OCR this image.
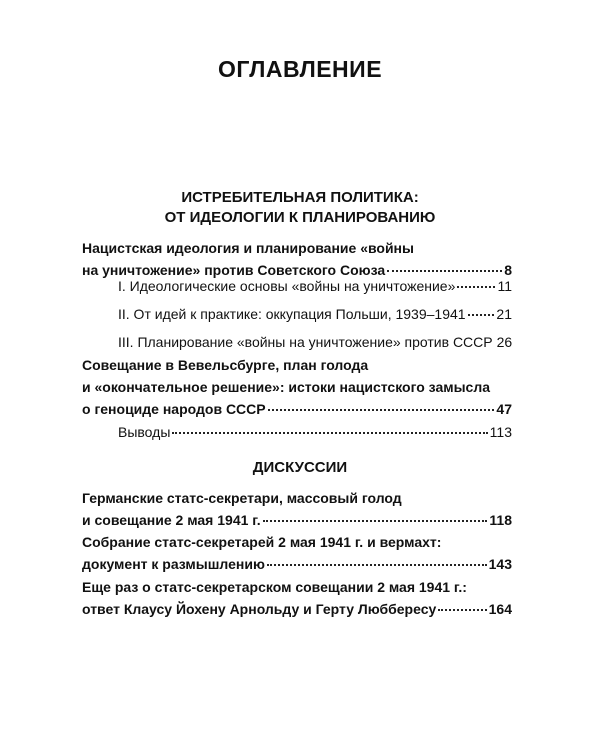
ОГЛАВЛЕНИЕ
ИСТРЕБИТЕЛЬНАЯ ПОЛИТИКА:
ОТ ИДЕОЛОГИИ К ПЛАНИРОВАНИЮ
Нацистская идеология и планирование «войны
на уничтожение» против Советского Союза	8
I. Идеологические основы «войны на уничтожение»	11
II. От идей к практике: оккупация Польши, 1939–1941 21
III. Планирование «войны на уничтожение» против СССР 26
Совещание в Вевельсбурге, план голода
и «окончательное решение»: истоки нацистского замысла
о геноциде народов СССР	47
Выводы	113
ДИСКУССИИ
Германские статс-секретари, массовый голод
и совещание 2 мая 1941 г.	118
Собрание статс-секретарей 2 мая 1941 г. и вермахт:
документ к размышлению	143
Еще раз о статс-секретарском совещании 2 мая 1941 г.:
ответ Клаусу Йохену Арнольду и Герту Люббересу	164
